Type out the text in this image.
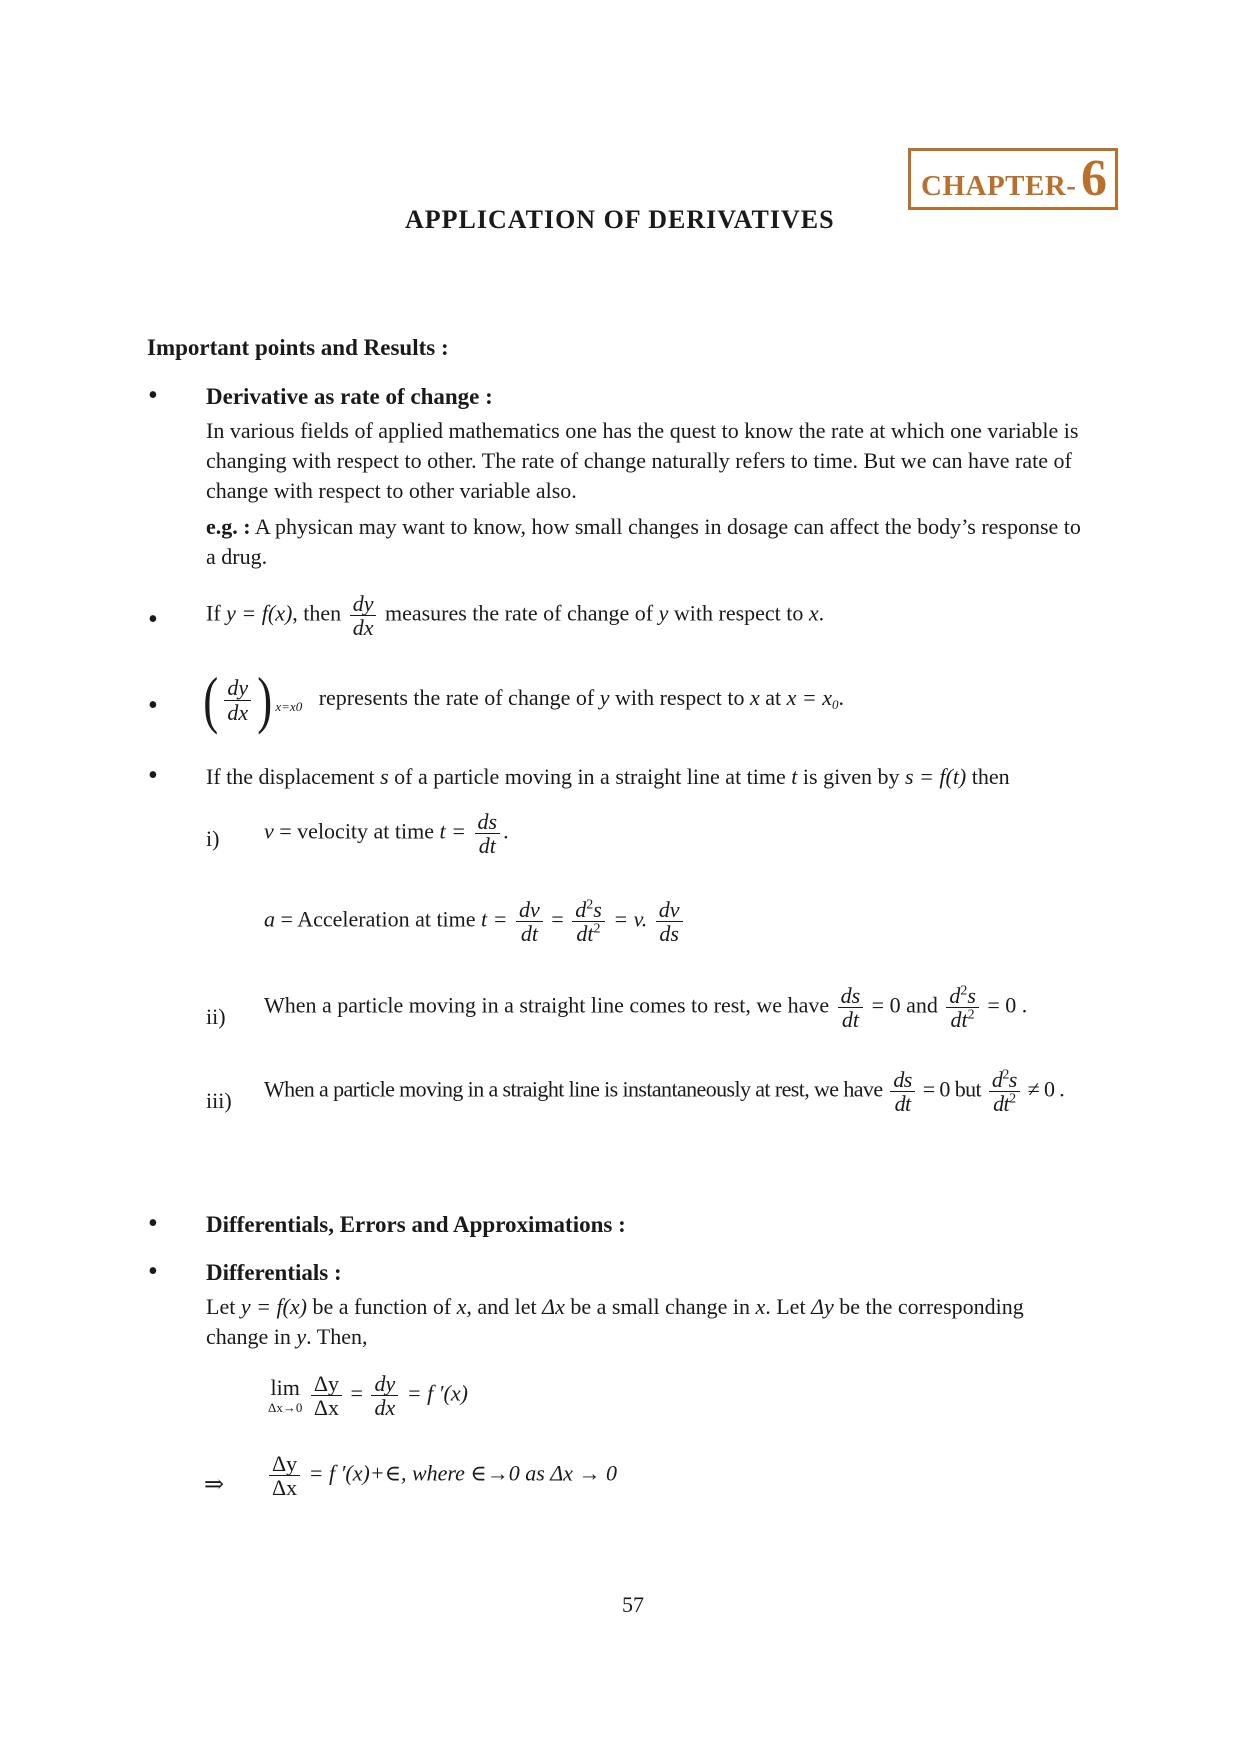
CHAPTER- 6
APPLICATION OF DERIVATIVES
Important points and Results :
• Derivative as rate of change :
In various fields of applied mathematics one has the quest to know the rate at which one variable is
changing with respect to other. The rate of change naturally refers to time. But we can have rate of
change with respect to other variable also.
e.g. : A physican may want to know, how small changes in dosage can affect the body’s response to
a drug.
• If y = f(x), then $\frac{dy}{dx}$ measures the rate of change of y with respect to x.
• ( $\frac{dy}{dx}$ ) $_{x=x0}$ represents the rate of change of y with respect to x at $x = x_0$.
• If the displacement s of a particle moving in a straight line at time t is given by s = f(t) then
i) v = velocity at time $t = \frac{ds}{dt}$ .
a = Acceleration at time $t = \frac{dv}{dt} = \frac{d^2s}{dt^2} = v$. $\frac{dv}{ds}$
ii) When a particle moving in a straight line comes to rest, we have $\frac{ds}{dt} = 0$ and $\frac{d^2s}{dt^2} = 0$ .
iii) When a particle moving in a straight line is instantaneously at rest, we have $\frac{ds}{dt} = 0$ but $\frac{d^2s}{dt^2} \ne 0$ .
• Differentials, Errors and Approximations :
• Differentials :
Let y = f(x) be a function of x, and let Δx be a small change in x. Let Δy be the corresponding
change in y. Then,
lim
Δx→0
$\frac{\Delta y}{\Delta x} = \frac{dy}{dx} = f$ ′(x)
⇒ $\frac{\Delta y}{\Delta x} = f$ ′(x)+∈, where ∈→0 as Δx → 0
57
